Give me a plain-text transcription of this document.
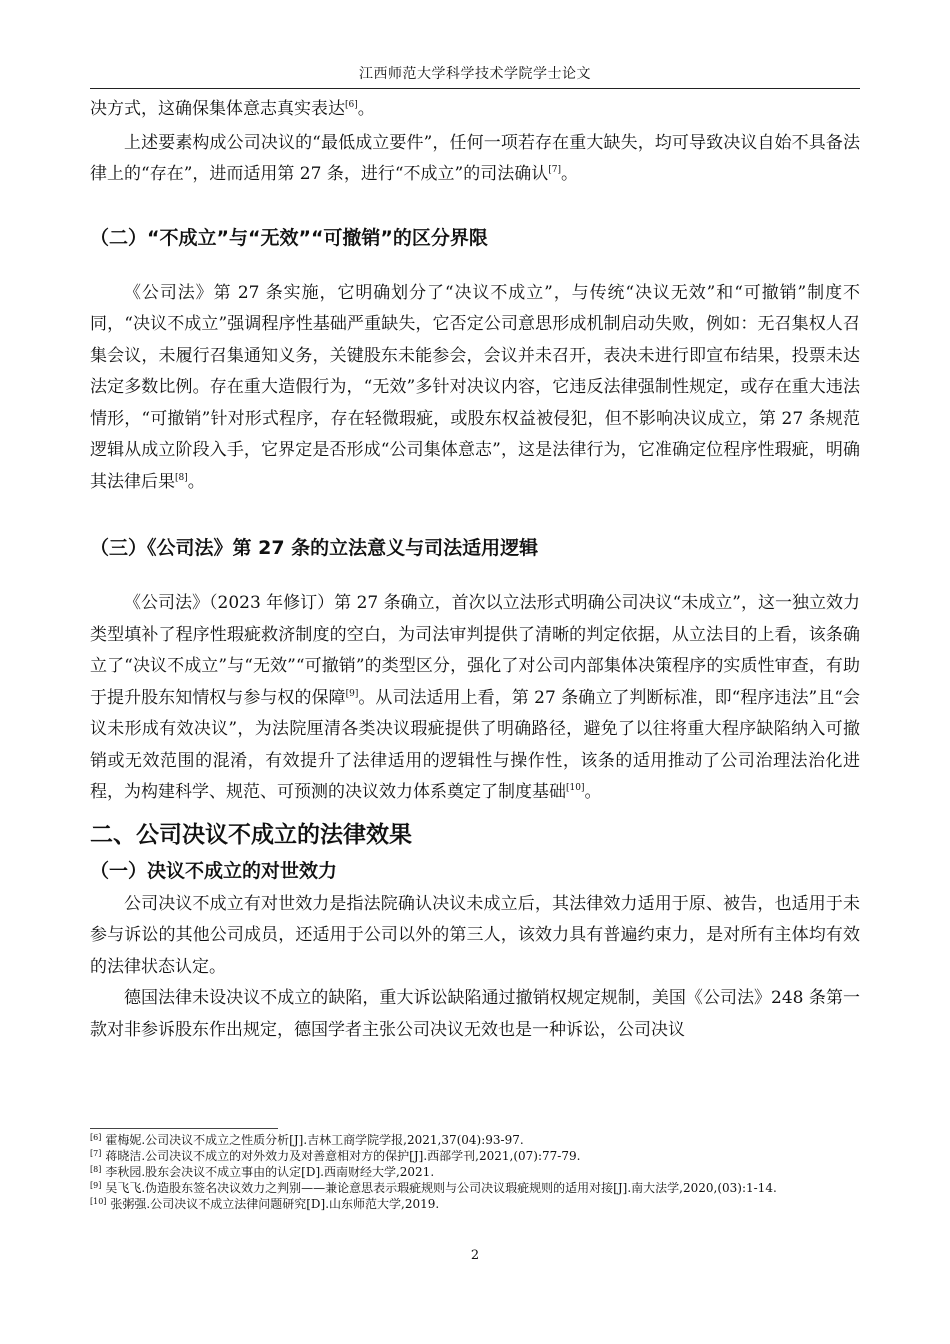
江西师范大学科学技术学院学士论文

决方式，这确保集体意志真实表达[6]。

上述要素构成公司决议的“最低成立要件”，任何一项若存在重大缺失，均可导致决议自始不具备法律上的“存在”，进而适用第 27 条，进行“不成立”的司法确认[7]。

（二）“不成立”与“无效”“可撤销”的区分界限

《公司法》第 27 条实施，它明确划分了“决议不成立”，与传统“决议无效”和“可撤销”制度不同，“决议不成立”强调程序性基础严重缺失，它否定公司意思形成机制启动失败，例如：无召集权人召集会议，未履行召集通知义务，关键股东未能参会，会议并未召开，表决未进行即宣布结果，投票未达法定多数比例。存在重大造假行为，“无效”多针对决议内容，它违反法律强制性规定，或存在重大违法情形，“可撤销”针对形式程序，存在轻微瑕疵，或股东权益被侵犯，但不影响决议成立，第 27 条规范逻辑从成立阶段入手，它界定是否形成“公司集体意志”，这是法律行为，它准确定位程序性瑕疵，明确其法律后果[8]。

（三）《公司法》第 27 条的立法意义与司法适用逻辑

《公司法》（2023 年修订）第 27 条确立，首次以立法形式明确公司决议“未成立”，这一独立效力类型填补了程序性瑕疵救济制度的空白，为司法审判提供了清晰的判定依据，从立法目的上看，该条确立了“决议不成立”与“无效”“可撤销”的类型区分，强化了对公司内部集体决策程序的实质性审查，有助于提升股东知情权与参与权的保障[9]。从司法适用上看，第 27 条确立了判断标准，即“程序违法”且“会议未形成有效决议”，为法院厘清各类决议瑕疵提供了明确路径，避免了以往将重大程序缺陷纳入可撤销或无效范围的混淆，有效提升了法律适用的逻辑性与操作性，该条的适用推动了公司治理法治化进程，为构建科学、规范、可预测的决议效力体系奠定了制度基础[10]。

二、公司决议不成立的法律效果
（一）决议不成立的对世效力

公司决议不成立有对世效力是指法院确认决议未成立后，其法律效力适用于原、被告，也适用于未参与诉讼的其他公司成员，还适用于公司以外的第三人，该效力具有普遍约束力，是对所有主体均有效的法律状态认定。

德国法律未设决议不成立的缺陷，重大诉讼缺陷通过撤销权规定规制，美国《公司法》248 条第一款对非参诉股东作出规定，德国学者主张公司决议无效也是一种诉讼，公司决议

[6] 霍梅妮.公司决议不成立之性质分析[J].吉林工商学院学报,2021,37(04):93-97.

[7] 蒋晓洁.公司决议不成立的对外效力及对善意相对方的保护[J].西部学刊,2021,(07):77-79.

[8] 李秋园.股东会决议不成立事由的认定[D].西南财经大学,2021.

[9] 吴飞飞.伪造股东签名决议效力之判别——兼论意思表示瑕疵规则与公司决议瑕疵规则的适用对接[J].南大法学,2020,(03):1-14.

[10] 张粥强.公司决议不成立法律问题研究[D].山东师范大学,2019.

2
